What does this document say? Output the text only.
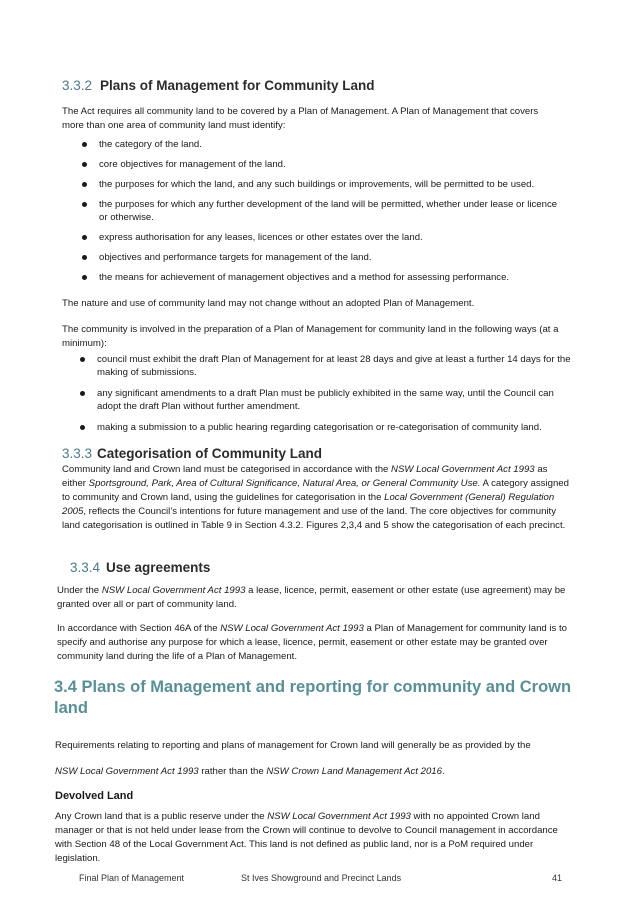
3.3.2 Plans of Management for Community Land

The Act requires all community land to be covered by a Plan of Management. A Plan of Management that covers more than one area of community land must identify:

the category of the land.
core objectives for management of the land.
the purposes for which the land, and any such buildings or improvements, will be permitted to be used.
the purposes for which any further development of the land will be permitted, whether under lease or licence or otherwise.
express authorisation for any leases, licences or other estates over the land.
objectives and performance targets for management of the land.
the means for achievement of management objectives and a method for assessing performance.

The nature and use of community land may not change without an adopted Plan of Management.

The community is involved in the preparation of a Plan of Management for community land in the following ways (at a minimum):

council must exhibit the draft Plan of Management for at least 28 days and give at least a further 14 days for the making of submissions.
any significant amendments to a draft Plan must be publicly exhibited in the same way, until the Council can adopt the draft Plan without further amendment.
making a submission to a public hearing regarding categorisation or re-categorisation of community land.
3.3.3 Categorisation of Community Land

Community land and Crown land must be categorised in accordance with the NSW Local Government Act 1993 as either Sportsground, Park, Area of Cultural Significance, Natural Area, or General Community Use. A category assigned to community and Crown land, using the guidelines for categorisation in the Local Government (General) Regulation 2005, reflects the Council’s intentions for future management and use of the land. The core objectives for community land categorisation is outlined in Table 9 in Section 4.3.2. Figures 2,3,4 and 5 show the categorisation of each precinct.

3.3.4 Use agreements

Under the NSW Local Government Act 1993 a lease, licence, permit, easement or other estate (use agreement) may be granted over all or part of community land.

In accordance with Section 46A of the NSW Local Government Act 1993 a Plan of Management for community land is to specify and authorise any purpose for which a lease, licence, permit, easement or other estate may be granted over community land during the life of a Plan of Management.

3.4 Plans of Management and reporting for community and Crown land

Requirements relating to reporting and plans of management for Crown land will generally be as provided by the

NSW Local Government Act 1993 rather than the NSW Crown Land Management Act 2016.

Devolved Land

Any Crown land that is a public reserve under the NSW Local Government Act 1993 with no appointed Crown land manager or that is not held under lease from the Crown will continue to devolve to Council management in accordance with Section 48 of the Local Government Act. This land is not defined as public land, nor is a PoM required under legislation.

Final Plan of Management	St Ives Showground and Precinct Lands	41
